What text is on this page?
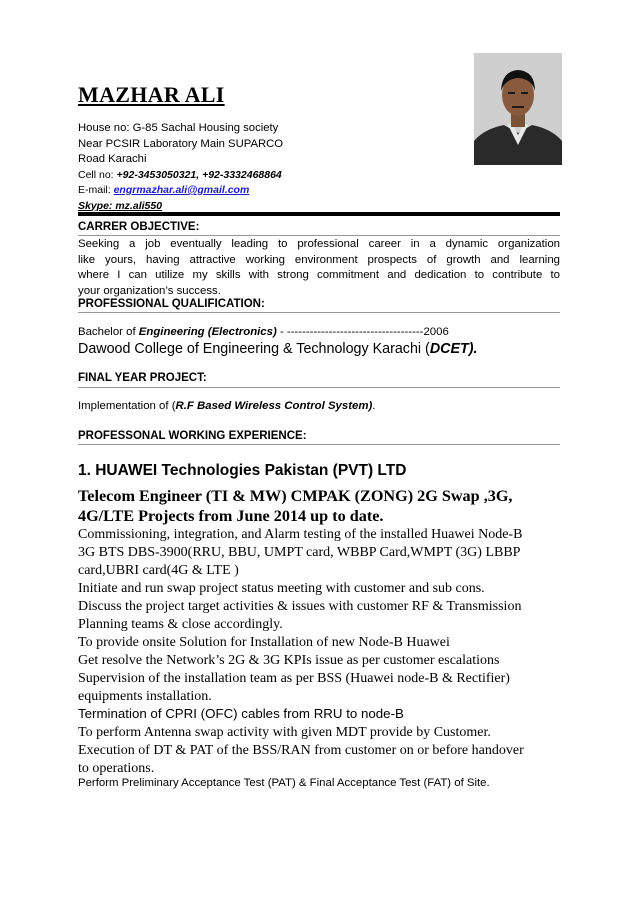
MAZHAR ALI
House no: G-85 Sachal Housing society
Near PCSIR Laboratory Main SUPARCO
Road Karachi
Cell no: +92-3453050321, +92-3332468864
E-mail: engrmazhar.ali@gmail.com
Skype: mz.ali550
CARRER OBJECTIVE:
Seeking a job eventually leading to professional career in a dynamic organization
like yours, having attractive working environment prospects of growth and learning
where I can utilize my skills with strong commitment and dedication to contribute to
your organization’s success.
PROFESSIONAL QUALIFICATION:
Bachelor of Engineering (Electronics) - ------------------------------------2006
Dawood College of Engineering & Technology Karachi (DCET).
FINAL YEAR PROJECT:
Implementation of (R.F Based Wireless Control System).
PROFESSONAL WORKING EXPERIENCE:
1. HUAWEI Technologies Pakistan (PVT) LTD
Telecom Engineer (TI & MW) CMPAK (ZONG) 2G Swap ,3G,
4G/LTE Projects from June 2014 up to date.
Commissioning, integration, and Alarm testing of the installed Huawei Node-B
3G BTS DBS-3900(RRU, BBU, UMPT card, WBBP Card,WMPT (3G) LBBP
card,UBRI card(4G & LTE )
Initiate and run swap project status meeting with customer and sub cons.
Discuss the project target activities & issues with customer RF & Transmission
Planning teams & close accordingly.
To provide onsite Solution for Installation of new Node-B Huawei
Get resolve the Network’s 2G & 3G KPIs issue as per customer escalations
Supervision of the installation team as per BSS (Huawei node-B & Rectifier)
equipments installation.
Termination of CPRI (OFC) cables from RRU to node-B
To perform Antenna swap activity with given MDT provide by Customer.
Execution of DT & PAT of the BSS/RAN from customer on or before handover
to operations.
Perform Preliminary Acceptance Test (PAT) & Final Acceptance Test (FAT) of Site.
